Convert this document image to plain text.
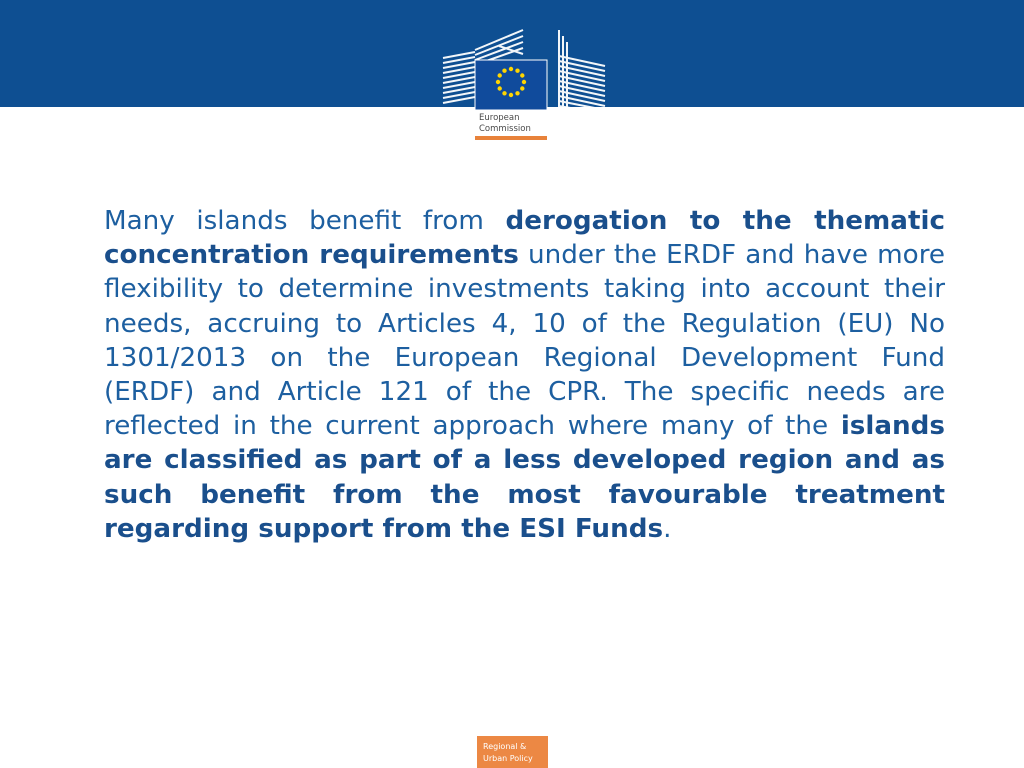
European
Commission

Many islands benefit from derogation to the thematic concentration requirements under the ERDF and have more flexibility to determine investments taking into account their needs, accruing to Articles 4, 10 of the Regulation (EU) No 1301/2013 on the European Regional Development Fund (ERDF) and Article 121 of the CPR. The specific needs are reflected in the current approach where many of the islands are classified as part of a less developed region and as such benefit from the most favourable treatment regarding support from the ESI Funds.

Regional &
Urban Policy
